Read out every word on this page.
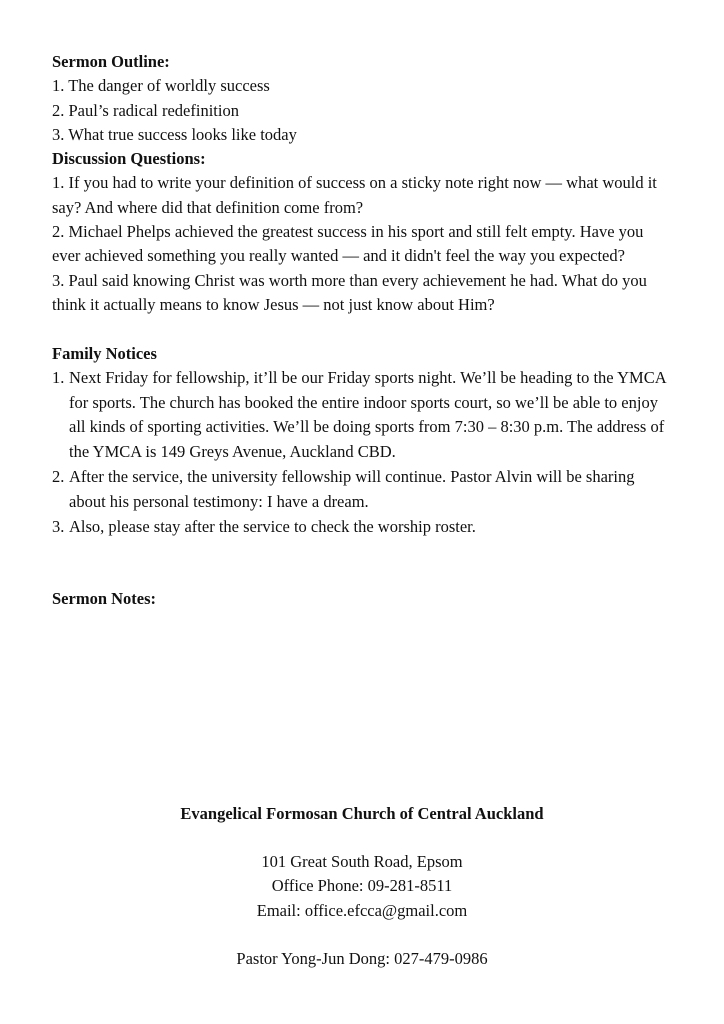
Sermon Outline:

1. The danger of worldly success

2. Paul’s radical redefinition

3. What true success looks like today

Discussion Questions:

1. If you had to write your definition of success on a sticky note right now — what would it say? And where did that definition come from?

2. Michael Phelps achieved the greatest success in his sport and still felt empty. Have you ever achieved something you really wanted — and it didn't feel the way you expected?

3. Paul said knowing Christ was worth more than every achievement he had. What do you think it actually means to know Jesus — not just know about Him?

Family Notices

1. Next Friday for fellowship, it’ll be our Friday sports night. We’ll be heading to the YMCA for sports. The church has booked the entire indoor sports court, so we’ll be able to enjoy all kinds of sporting activities. We’ll be doing sports from 7:30 – 8:30 p.m. The address of the YMCA is 149 Greys Avenue, Auckland CBD.
2. After the service, the university fellowship will continue. Pastor Alvin will be sharing about his personal testimony: I have a dream.
3. Also, please stay after the service to check the worship roster.

Sermon Notes:

Evangelical Formosan Church of Central Auckland

101 Great South Road, Epsom

Office Phone: 09-281-8511

Email: office.efcca@gmail.com

Pastor Yong-Jun Dong: 027-479-0986
